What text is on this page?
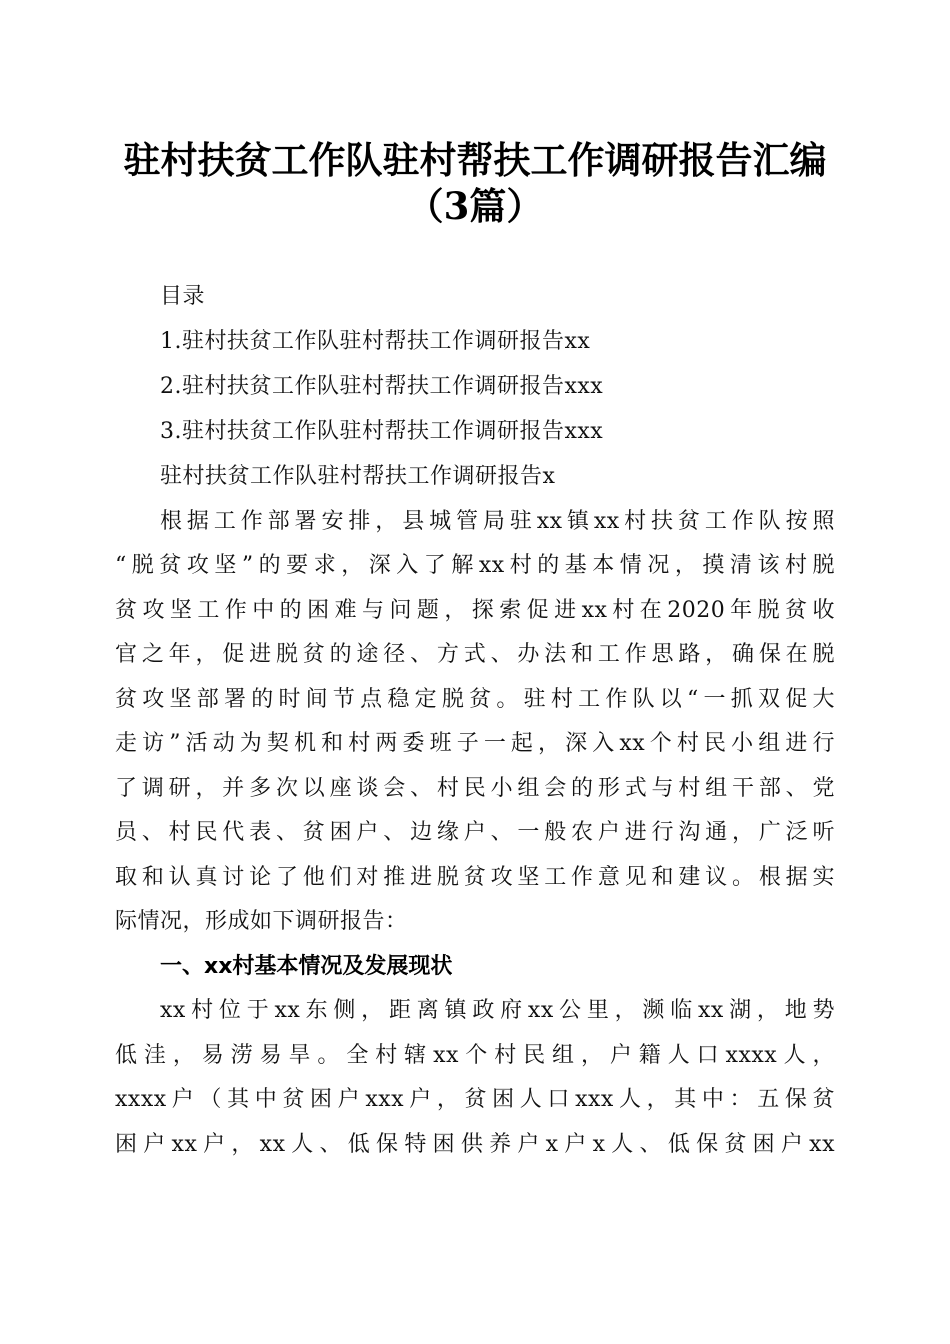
驻村扶贫工作队驻村帮扶工作调研报告汇编
（3篇）
目录
1.驻村扶贫工作队驻村帮扶工作调研报告xx
2.驻村扶贫工作队驻村帮扶工作调研报告xxx
3.驻村扶贫工作队驻村帮扶工作调研报告xxx
驻村扶贫工作队驻村帮扶工作调研报告x
根据工作部署安排，县城管局驻xx镇xx村扶贫工作队按照
“脱贫攻坚”的要求，深入了解xx村的基本情况，摸清该村脱
贫攻坚工作中的困难与问题，探索促进xx村在2020年脱贫收
官之年，促进脱贫的途径、方式、办法和工作思路，确保在脱
贫攻坚部署的时间节点稳定脱贫。驻村工作队以“一抓双促大
走访”活动为契机和村两委班子一起，深入xx个村民小组进行
了调研，并多次以座谈会、村民小组会的形式与村组干部、党
员、村民代表、贫困户、边缘户、一般农户进行沟通，广泛听
取和认真讨论了他们对推进脱贫攻坚工作意见和建议。根据实
际情况，形成如下调研报告：
一、xx村基本情况及发展现状
xx村位于xx东侧，距离镇政府xx公里，濒临xx湖，地势
低洼，易涝易旱。全村辖xx个村民组，户籍人口xxxx人，
xxxx户（其中贫困户xxx户，贫困人口xxx人，其中：五保贫
困户xx户，xx人、低保特困供养户x户x人、低保贫困户xx
